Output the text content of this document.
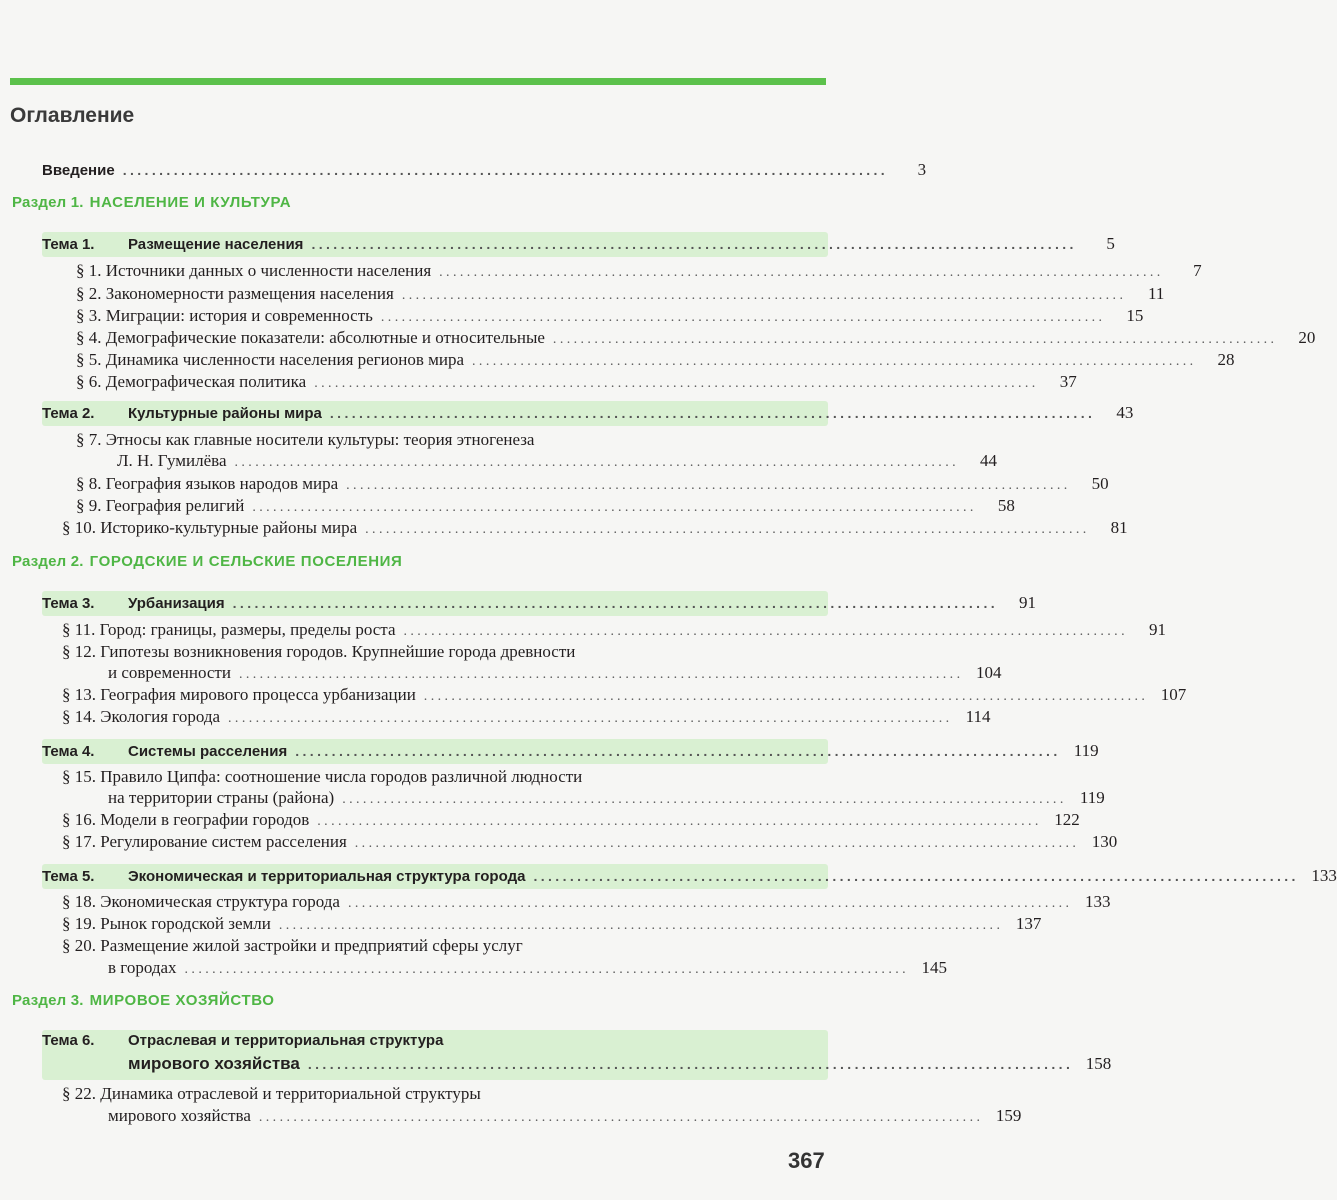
Оглавление
Введение .........................................................................................................	3
Раздел 1. НАСЕЛЕНИЕ И КУЛЬТУРА
Тема 1. Размещение населения .........................................................................................................	5
§ 1. Источники данных о численности населения .........................................................................................................	7
§ 2. Закономерности размещения населения .........................................................................................................	11
§ 3. Миграции: история и современность .........................................................................................................	15
§ 4. Демографические показатели: абсолютные и относительные .........................................................................................................	20
§ 5. Динамика численности населения регионов мира .........................................................................................................	28
§ 6. Демографическая политика .........................................................................................................	37
Тема 2. Культурные районы мира .........................................................................................................	43
§ 7. Этносы как главные носители культуры: теория этногенеза
Л. Н. Гумилёва .........................................................................................................	44
§ 8. География языков народов мира .........................................................................................................	50
§ 9. География религий .........................................................................................................	58
§ 10. Историко-культурные районы мира .........................................................................................................	81
Раздел 2. ГОРОДСКИЕ И СЕЛЬСКИЕ ПОСЕЛЕНИЯ
Тема 3. Урбанизация .........................................................................................................	91
§ 11. Город: границы, размеры, пределы роста .........................................................................................................	91
§ 12. Гипотезы возникновения городов. Крупнейшие города древности
и современности ......................................................................................................... 104
§ 13. География мирового процесса урбанизации ......................................................................................................... 107
§ 14. Экология города ......................................................................................................... 114
Тема 4. Системы расселения ......................................................................................................... 119
§ 15. Правило Ципфа: соотношение числа городов различной людности
на территории страны (района) ......................................................................................................... 119
§ 16. Модели в географии городов ......................................................................................................... 122
§ 17. Регулирование систем расселения ......................................................................................................... 130
Тема 5. Экономическая и территориальная структура города ......................................................................................................... 133
§ 18. Экономическая структура города ......................................................................................................... 133
§ 19. Рынок городской земли ......................................................................................................... 137
§ 20. Размещение жилой застройки и предприятий сферы услуг
в городах ......................................................................................................... 145
Раздел 3. МИРОВОЕ ХОЗЯЙСТВО
Тема 6. Отраслевая и территориальная структура
мирового хозяйства ......................................................................................................... 158
§ 22. Динамика отраслевой и территориальной структуры
мирового хозяйства ......................................................................................................... 159
367
